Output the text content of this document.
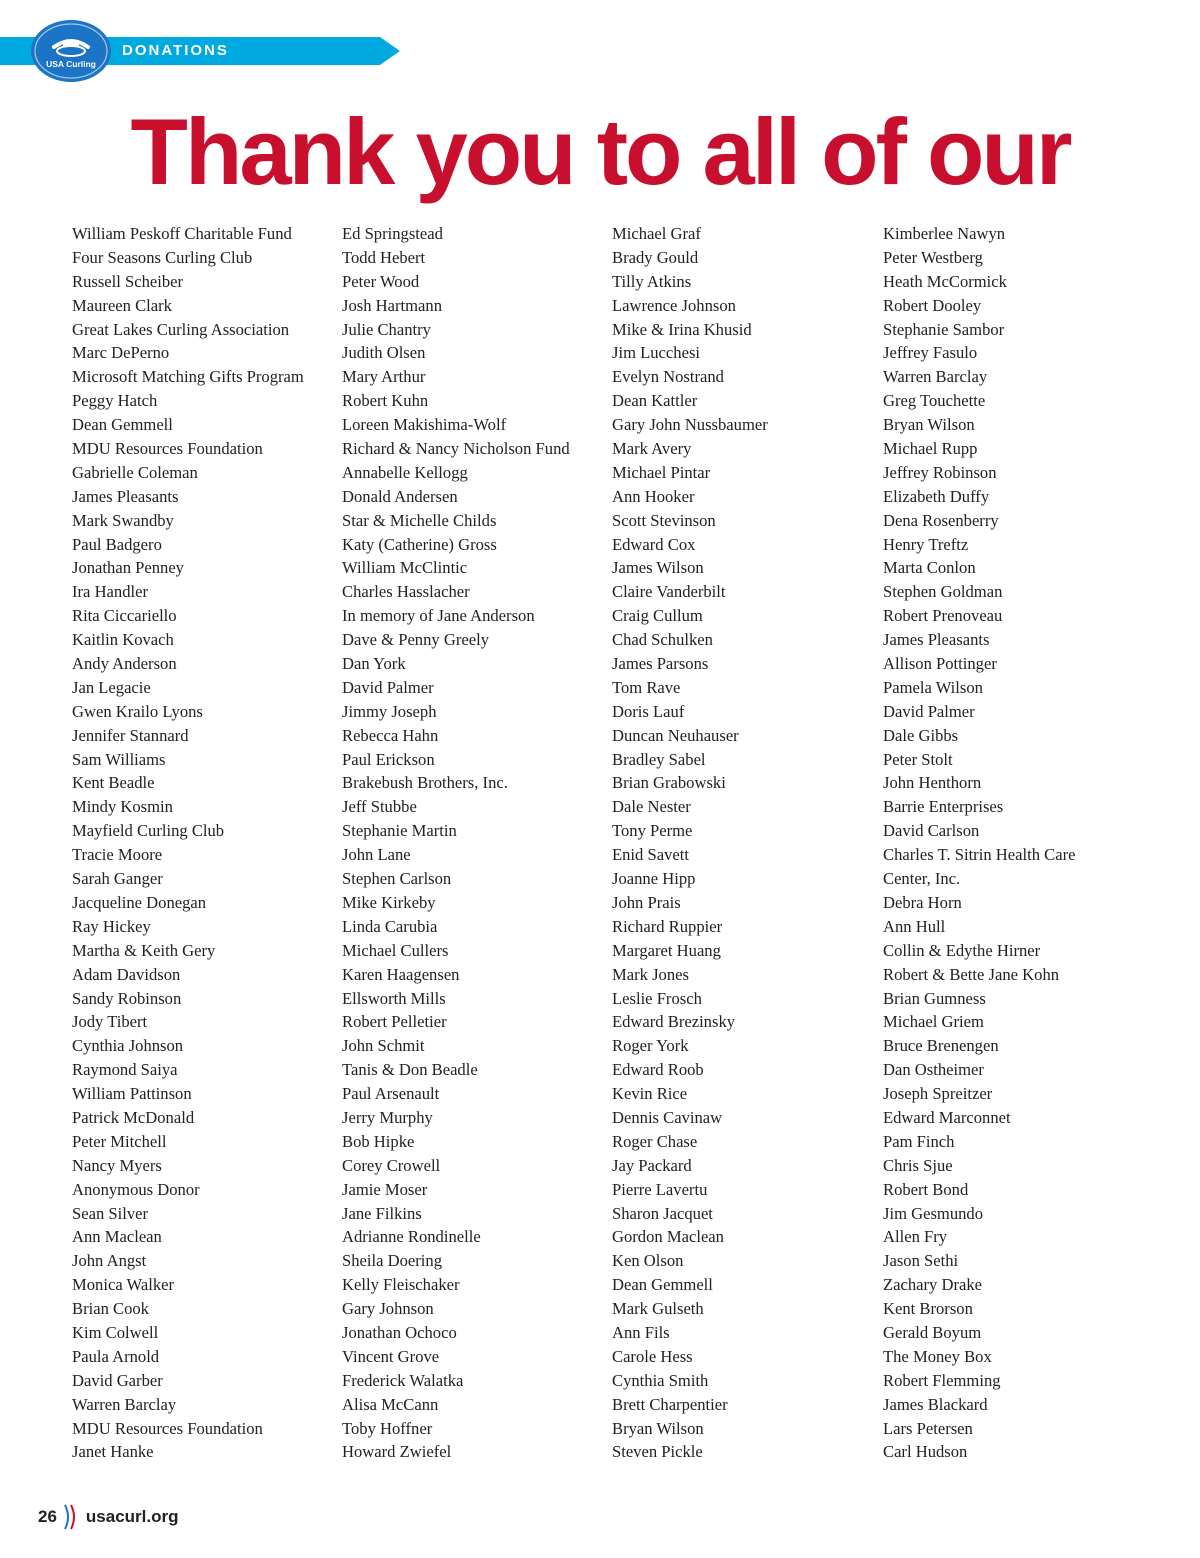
DONATIONS
USA Curling
Thank you to all of our
William Peskoff Charitable Fund
Four Seasons Curling Club
Russell Scheiber
Maureen Clark
Great Lakes Curling Association
Marc DePerno
Microsoft Matching Gifts Program
Peggy Hatch
Dean Gemmell
MDU Resources Foundation
Gabrielle Coleman
James Pleasants
Mark Swandby
Paul Badgero
Jonathan Penney
Ira Handler
Rita Ciccariello
Kaitlin Kovach
Andy Anderson
Jan Legacie
Gwen Krailo Lyons
Jennifer Stannard
Sam Williams
Kent Beadle
Mindy Kosmin
Mayfield Curling Club
Tracie Moore
Sarah Ganger
Jacqueline Donegan
Ray Hickey
Martha & Keith Gery
Adam Davidson
Sandy Robinson
Jody Tibert
Cynthia Johnson
Raymond Saiya
William Pattinson
Patrick McDonald
Peter Mitchell
Nancy Myers
Anonymous Donor
Sean Silver
Ann Maclean
John Angst
Monica Walker
Brian Cook
Kim Colwell
Paula Arnold
David Garber
Warren Barclay
MDU Resources Foundation
Janet Hanke
Ed Springstead
Todd Hebert
Peter Wood
Josh Hartmann
Julie Chantry
Judith Olsen
Mary Arthur
Robert Kuhn
Loreen Makishima-Wolf
Richard & Nancy Nicholson Fund
Annabelle Kellogg
Donald Andersen
Star & Michelle Childs
Katy (Catherine) Gross
William McClintic
Charles Hasslacher
In memory of Jane Anderson
Dave & Penny Greely
Dan York
David Palmer
Jimmy Joseph
Rebecca Hahn
Paul Erickson
Brakebush Brothers, Inc.
Jeff Stubbe
Stephanie Martin
John Lane
Stephen Carlson
Mike Kirkeby
Linda Carubia
Michael Cullers
Karen Haagensen
Ellsworth Mills
Robert Pelletier
John Schmit
Tanis & Don Beadle
Paul Arsenault
Jerry Murphy
Bob Hipke
Corey Crowell
Jamie Moser
Jane Filkins
Adrianne Rondinelle
Sheila Doering
Kelly Fleischaker
Gary Johnson
Jonathan Ochoco
Vincent Grove
Frederick Walatka
Alisa McCann
Toby Hoffner
Howard Zwiefel
Michael Graf
Brady Gould
Tilly Atkins
Lawrence Johnson
Mike & Irina Khusid
Jim Lucchesi
Evelyn Nostrand
Dean Kattler
Gary John Nussbaumer
Mark Avery
Michael Pintar
Ann Hooker
Scott Stevinson
Edward Cox
James Wilson
Claire Vanderbilt
Craig Cullum
Chad Schulken
James Parsons
Tom Rave
Doris Lauf
Duncan Neuhauser
Bradley Sabel
Brian Grabowski
Dale Nester
Tony Perme
Enid Savett
Joanne Hipp
John Prais
Richard Ruppier
Margaret Huang
Mark Jones
Leslie Frosch
Edward Brezinsky
Roger York
Edward Roob
Kevin Rice
Dennis Cavinaw
Roger Chase
Jay Packard
Pierre Lavertu
Sharon Jacquet
Gordon Maclean
Ken Olson
Dean Gemmell
Mark Gulseth
Ann Fils
Carole Hess
Cynthia Smith
Brett Charpentier
Bryan Wilson
Steven Pickle
Kimberlee Nawyn
Peter Westberg
Heath McCormick
Robert Dooley
Stephanie Sambor
Jeffrey Fasulo
Warren Barclay
Greg Touchette
Bryan Wilson
Michael Rupp
Jeffrey Robinson
Elizabeth Duffy
Dena Rosenberry
Henry Treftz
Marta Conlon
Stephen Goldman
Robert Prenoveau
James Pleasants
Allison Pottinger
Pamela Wilson
David Palmer
Dale Gibbs
Peter Stolt
John Henthorn
Barrie Enterprises
David Carlson
Charles T. Sitrin Health Care
Center, Inc.
Debra Horn
Ann Hull
Collin & Edythe Hirner
Robert & Bette Jane Kohn
Brian Gumness
Michael Griem
Bruce Brenengen
Dan Ostheimer
Joseph Spreitzer
Edward Marconnet
Pam Finch
Chris Sjue
Robert Bond
Jim Gesmundo
Allen Fry
Jason Sethi
Zachary Drake
Kent Brorson
Gerald Boyum
The Money Box
Robert Flemming
James Blackard
Lars Petersen
Carl Hudson
26 usacurl.org
